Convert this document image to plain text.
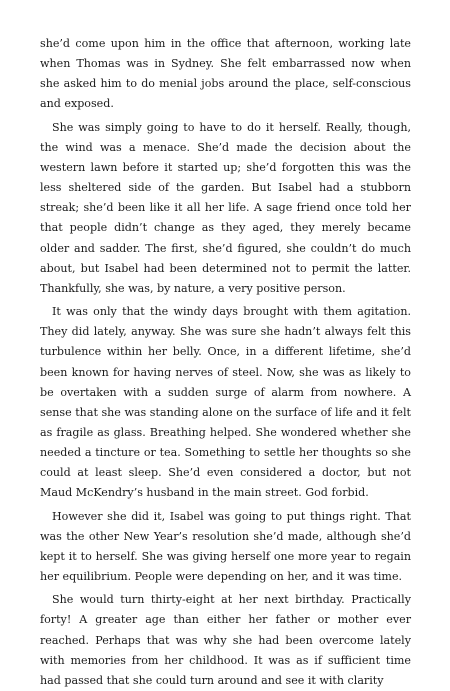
she’d come upon him in the office that afternoon, working late when Thomas was in Sydney. She felt embarrassed now when she asked him to do menial jobs around the place, self-conscious and exposed.

She was simply going to have to do it herself. Really, though, the wind was a menace. She’d made the decision about the western lawn before it started up; she’d forgotten this was the less sheltered side of the garden. But Isabel had a stubborn streak; she’d been like it all her life. A sage friend once told her that people didn’t change as they aged, they merely became older and sadder. The first, she’d figured, she couldn’t do much about, but Isabel had been determined not to permit the latter. Thankfully, she was, by nature, a very positive person.

It was only that the windy days brought with them agitation. They did lately, anyway. She was sure she hadn’t always felt this turbulence within her belly. Once, in a different lifetime, she’d been known for having nerves of steel. Now, she was as likely to be overtaken with a sudden surge of alarm from nowhere. A sense that she was standing alone on the surface of life and it felt as fragile as glass. Breathing helped. She wondered whether she needed a tincture or tea. Something to settle her thoughts so she could at least sleep. She’d even considered a doctor, but not Maud McKendry’s husband in the main street. God forbid.

However she did it, Isabel was going to put things right. That was the other New Year’s resolution she’d made, although she’d kept it to herself. She was giving herself one more year to regain her equilibrium. People were depending on her, and it was time.

She would turn thirty-eight at her next birthday. Practically forty! A greater age than either her father or mother ever reached. Perhaps that was why she had been overcome lately with memories from her childhood. It was as if sufficient time had passed that she could turn around and see it with clarity
